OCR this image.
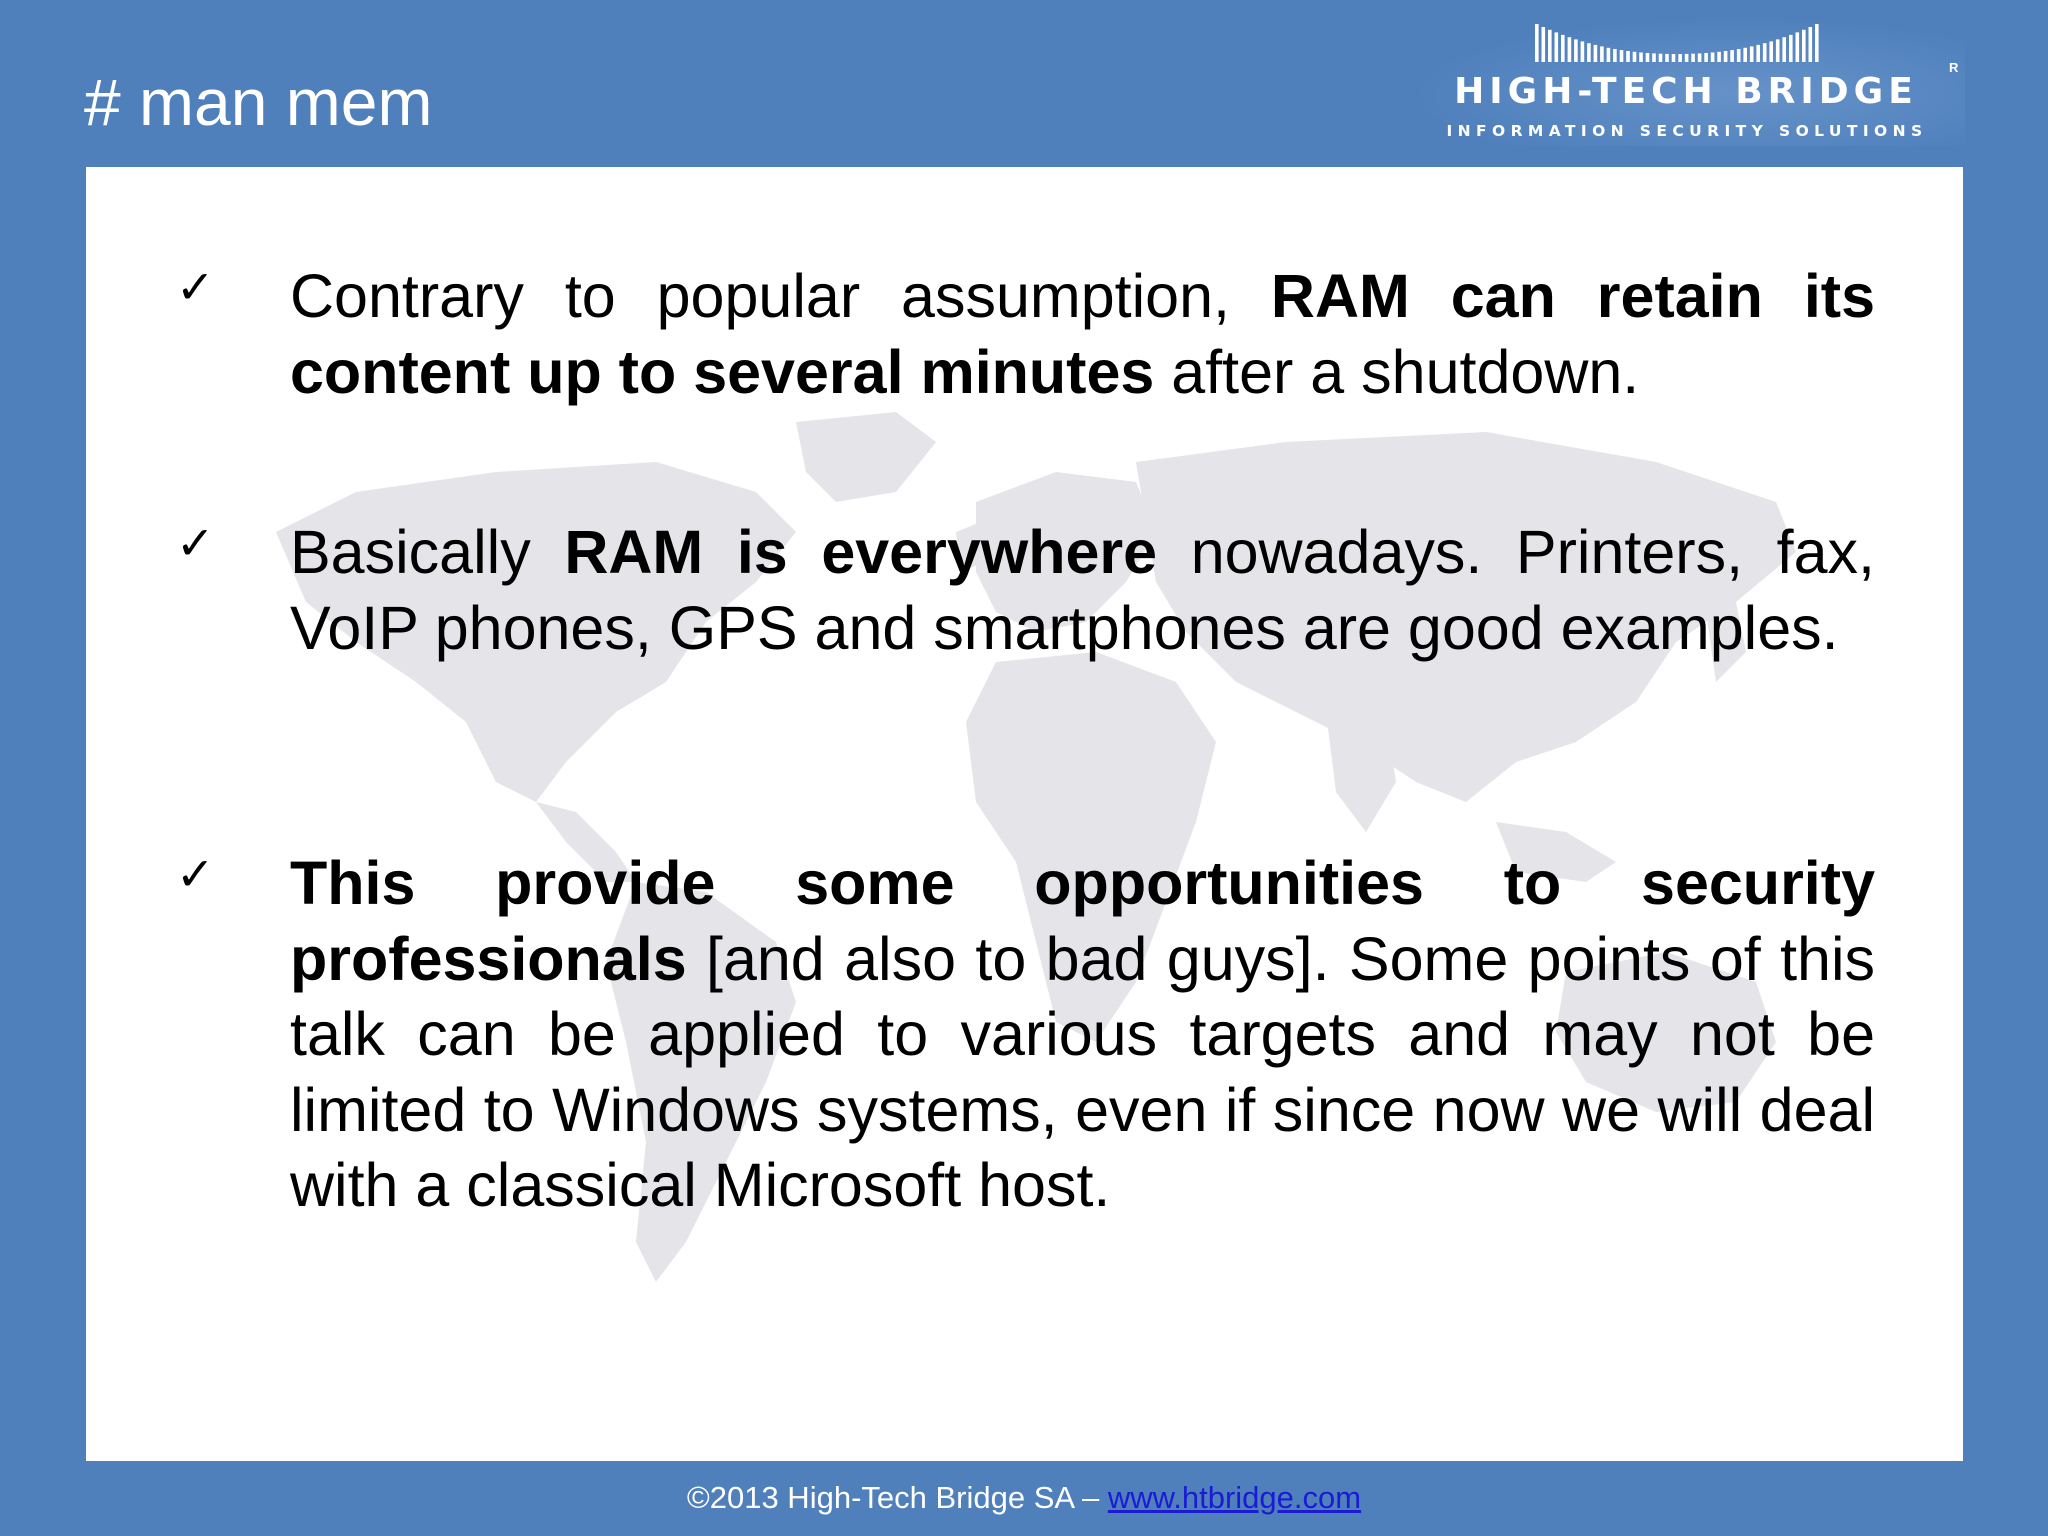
# man mem	HIGH-TECH BRIDGE
R
INFORMATION SECURITY SOLUTIONS
✓ Contrary to popular assumption, RAM can retain its content up to several minutes after a shutdown.

✓ Basically RAM is everywhere nowadays. Printers, fax, VoIP phones, GPS and smartphones are good examples.

✓ This provide some opportunities to security professionals [and also to bad guys]. Some points of this talk can be applied to various targets and may not be limited to Windows systems, even if since now we will deal with a classical Microsoft host.

©2013 High-Tech Bridge SA – www.htbridge.com
